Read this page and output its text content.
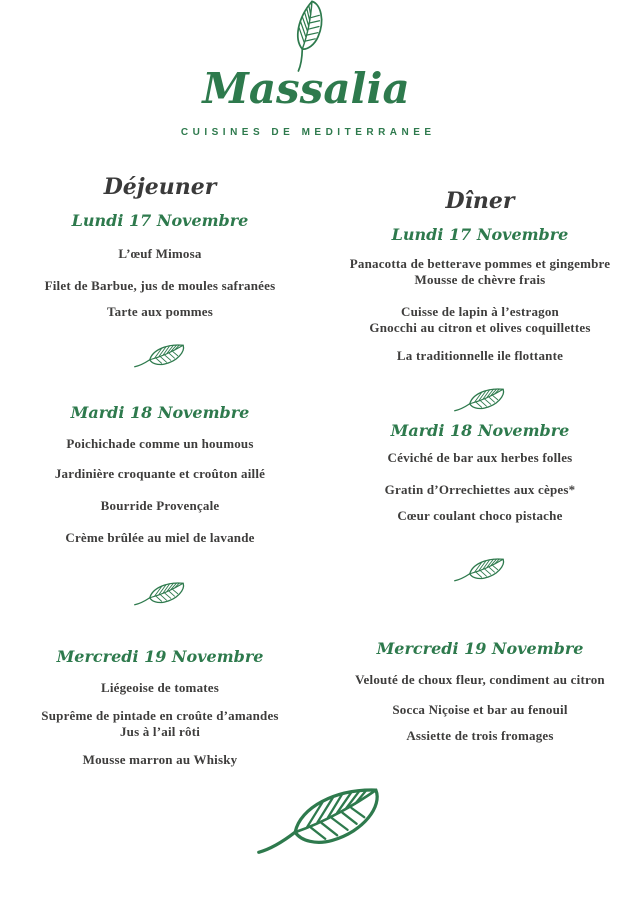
Massalia
CUISINES DE MEDITERRANEE
Déjeuner
Lundi 17 Novembre

L’œuf Mimosa

Filet de Barbue, jus de moules safranées

Tarte aux pommes

Mardi 18 Novembre

Poichichade comme un houmous

Jardinière croquante et croûton aillé

Bourride Provençale

Crème brûlée au miel de lavande

Mercredi 19 Novembre

Liégeoise de tomates

Suprême de pintade en croûte d’amandes

Jus à l’ail rôti

Mousse marron au Whisky

Dîner
Lundi 17 Novembre

Panacotta de betterave pommes et gingembre

Mousse de chèvre frais

Cuisse de lapin à l’estragon

Gnocchi au citron et olives coquillettes

La traditionnelle ile flottante

Mardi 18 Novembre

Céviché de bar aux herbes folles

Gratin d’Orrechiettes aux cèpes*

Cœur coulant choco pistache

Mercredi 19 Novembre

Velouté de choux fleur, condiment au citron

Socca Niçoise et bar au fenouil

Assiette de trois fromages
